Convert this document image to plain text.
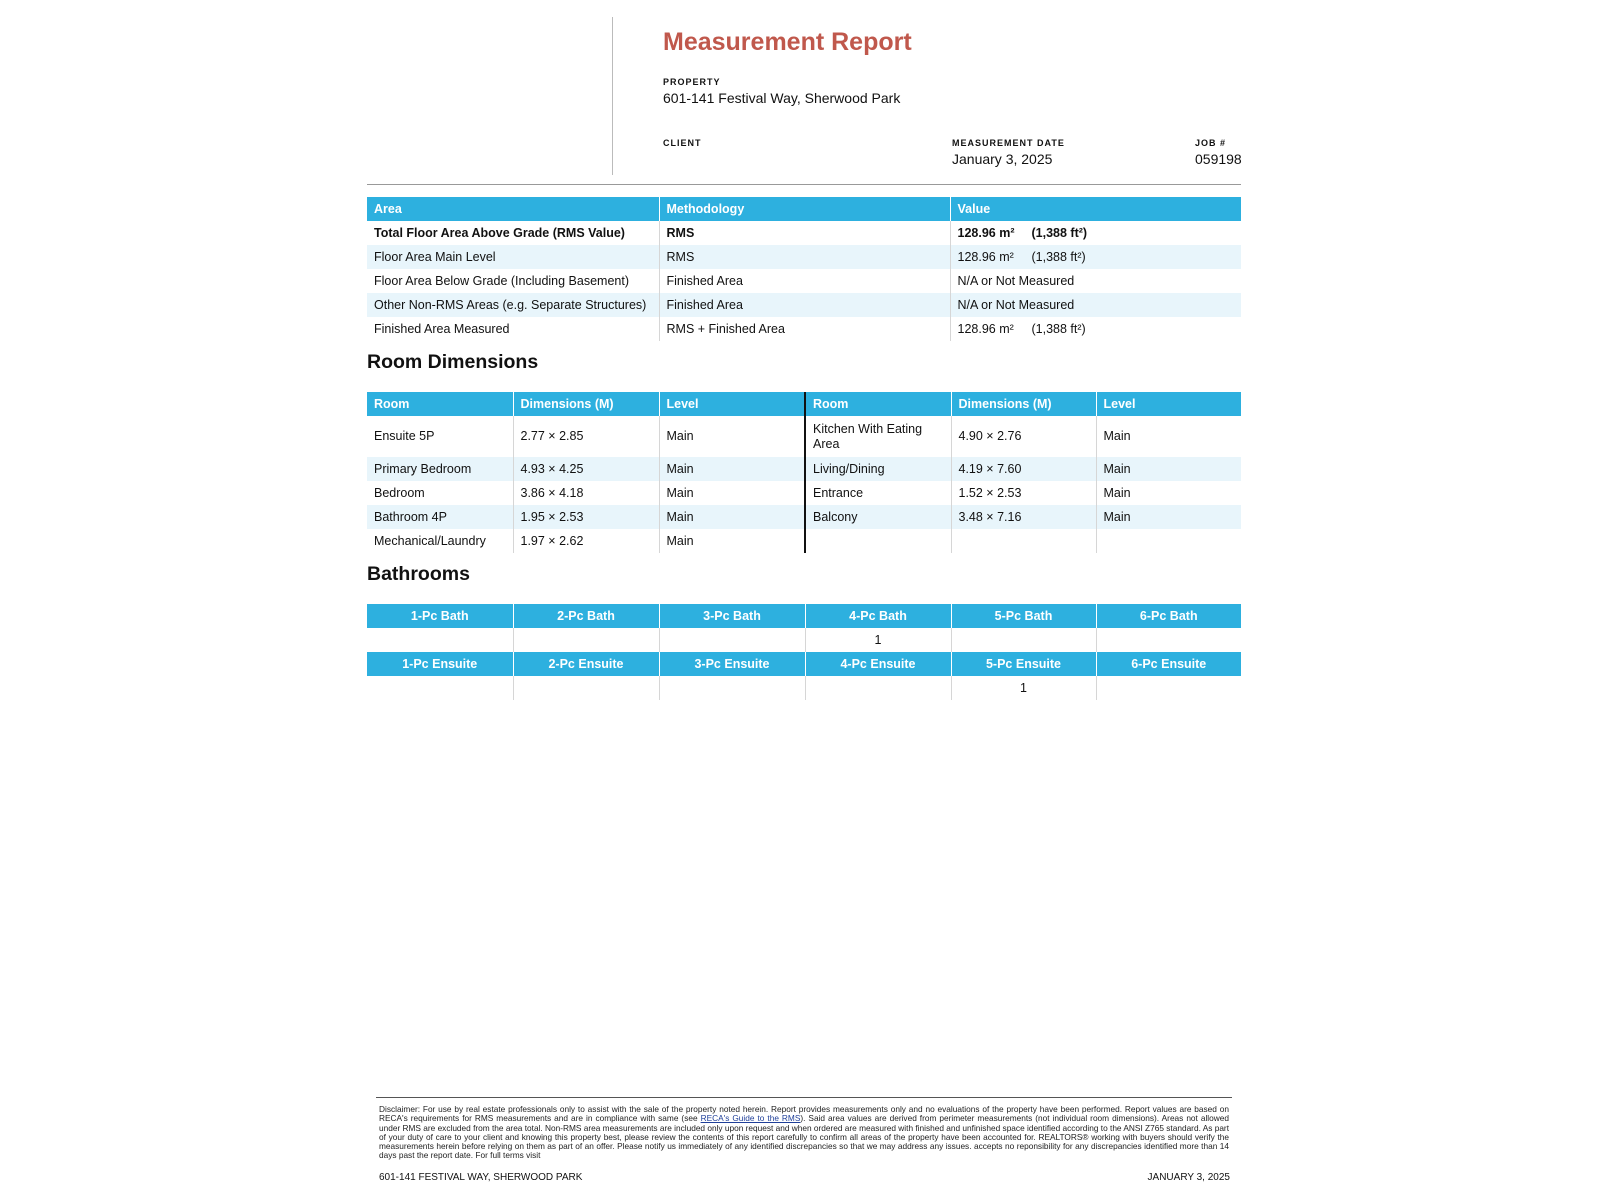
Measurement Report
PROPERTY
601-141 Festival Way, Sherwood Park
CLIENT	MEASUREMENT DATE
January 3, 2025
JOB #
059198
Area	Methodology	Value
Total Floor Area Above Grade (RMS Value)	RMS	128.96 m² (1,388 ft²)
Floor Area Main Level	RMS	128.96 m² (1,388 ft²)
Floor Area Below Grade (Including Basement)	Finished Area	N/A or Not Measured
Other Non-RMS Areas (e.g. Separate Structures)	Finished Area	N/A or Not Measured
Finished Area Measured	RMS + Finished Area	128.96 m² (1,388 ft²)
Room Dimensions
Room	Dimensions (M)	Level	Room	Dimensions (M)	Level
Ensuite 5P	2.77 × 2.85	Main	Kitchen With Eating Area	4.90 × 2.76	Main
Primary Bedroom	4.93 × 4.25	Main	Living/Dining	4.19 × 7.60	Main
Bedroom	3.86 × 4.18	Main	Entrance	1.52 × 2.53	Main
Bathroom 4P	1.95 × 2.53	Main	Balcony	3.48 × 7.16	Main
Mechanical/Laundry	1.97 × 2.62	Main			
Bathrooms
1-Pc Bath	2-Pc Bath	3-Pc Bath	4-Pc Bath	5-Pc Bath	6-Pc Bath
			1		
1-Pc Ensuite	2-Pc Ensuite	3-Pc Ensuite	4-Pc Ensuite	5-Pc Ensuite	6-Pc Ensuite
				1	

Disclaimer: For use by real estate professionals only to assist with the sale of the property noted herein. Report provides measurements only and no evaluations of the property have been performed. Report values are based on RECA's requirements for RMS measurements and are in compliance with same (see RECA's Guide to the RMS). Said area values are derived from perimeter measurements (not individual room dimensions). Areas not allowed under RMS are excluded from the area total. Non-RMS area measurements are included only upon request and when ordered are measured with finished and unfinished space identified according to the ANSI Z765 standard. As part of your duty of care to your client and knowing this property best, please review the contents of this report carefully to confirm all areas of the property have been accounted for. REALTORS® working with buyers should verify the measurements herein before relying on them as part of an offer. Please notify us immediately of any identified discrepancies so that we may address any issues. accepts no reponsibility for any discrepancies identified more than 14 days past the report date. For full terms visit

601-141 FESTIVAL WAY, SHERWOOD PARK	JANUARY 3, 2025
